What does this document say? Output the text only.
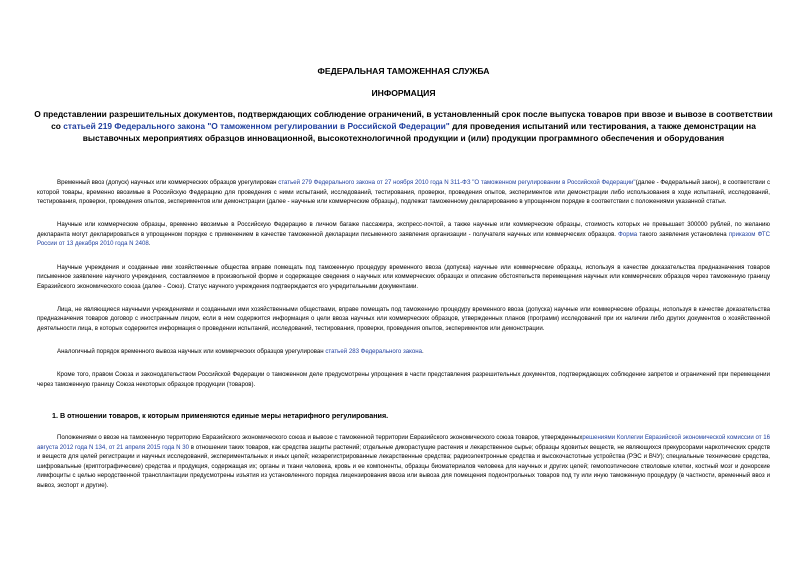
ФЕДЕРАЛЬНАЯ ТАМОЖЕННАЯ СЛУЖБА
ИНФОРМАЦИЯ
О представлении разрешительных документов, подтверждающих соблюдение ограничений, в установленный срок после выпуска товаров при ввозе и вывозе в соответствии со статьей 219 Федерального закона "О таможенном регулировании в Российской Федерации" для проведения испытаний или тестирования, а также демонстрации на выставочных мероприятиях образцов инновационной, высокотехнологичной продукции и (или) продукции программного обеспечения и оборудования

Временный ввоз (допуск) научных или коммерческих образцов урегулирован статьей 279 Федерального закона от 27 ноября 2010 года N 311-ФЗ "О таможенном регулировании в Российской Федерации"(далее - Федеральный закон), в соответствии с которой товары, временно ввозимые в Российскую Федерацию для проведения с ними испытаний, исследований, тестирования, проверки, проведения опытов, экспериментов или демонстрации либо использования в ходе испытаний, исследований, тестирования, проверки, проведения опытов, экспериментов или демонстрации (далее - научные или коммерческие образцы), подлежат таможенному декларированию в упрощенном порядке в соответствии с положениями указанной статьи.

Научные или коммерческие образцы, временно ввозимые в Российскую Федерацию в личном багаже пассажира, экспресс-почтой, а также научные или коммерческие образцы, стоимость которых не превышает 300000 рублей, по желанию декларанта могут декларироваться в упрощенном порядке с применением в качестве таможенной декларации письменного заявления организации - получателя научных или коммерческих образцов. Форма такого заявления установлена приказом ФТС России от 13 декабря 2010 года N 2408.

Научные учреждения и созданные ими хозяйственные общества вправе помещать под таможенную процедуру временного ввоза (допуска) научные или коммерческие образцы, используя в качестве доказательства предназначения товаров письменное заявление научного учреждения, составляемое в произвольной форме и содержащее сведения о научных или коммерческих образцах и описание обстоятельств перемещения научных или коммерческих образцов через таможенную границу Евразийского экономического союза (далее - Союз). Статус научного учреждения подтверждается его учредительными документами.

Лица, не являющиеся научными учреждениями и созданными ими хозяйственными обществами, вправе помещать под таможенную процедуру временного ввоза (допуска) научные или коммерческие образцы, используя в качестве доказательства предназначения товаров договор с иностранным лицом, если в нем содержится информация о цели ввоза научных или коммерческих образцов, утвержденных планов (программ) исследований при их наличии либо других документов о хозяйственной деятельности лица, в которых содержится информация о проведении испытаний, исследований, тестирования, проверки, проведения опытов, экспериментов или демонстрации.

Аналогичный порядок временного вывоза научных или коммерческих образцов урегулирован статьей 283 Федерального закона.

Кроме того, правом Союза и законодательством Российской Федерации о таможенном деле предусмотрены упрощения в части представления разрешительных документов, подтверждающих соблюдение запретов и ограничений при перемещении через таможенную границу Союза некоторых образцов продукции (товаров).

1. В отношении товаров, к которым применяются единые меры нетарифного регулирования.

Положениями о ввозе на таможенную территорию Евразийского экономического союза и вывозе с таможенной территории Евразийского экономического союза товаров, утвержденныхрешениями Коллегии Евразийской экономической комиссии от 16 августа 2012 года N 134, от 21 апреля 2015 года N 30 в отношении таких товаров, как средства защиты растений; отдельные дикорастущие растения и лекарственное сырье; образцы ядовитых веществ, не являющихся прекурсорами наркотических средств и веществ для целей регистрации и научных исследований, экспериментальных и иных целей; незарегистрированные лекарственные средства; радиоэлектронные средства и высокочастотные устройства (РЭС и ВЧУ); специальные технические средства, шифровальные (криптографические) средства и продукция, содержащая их; органы и ткани человека, кровь и ее компоненты, образцы биоматериалов человека для научных и других целей; гемопоэтические стволовые клетки, костный мозг и донорские лимфоциты с целью неродственной трансплантации предусмотрены изъятия из установленного порядка лицензирования ввоза или вывоза для помещения подконтрольных товаров под ту или иную таможенную процедуру (в частности, временный ввоз и вывоз, экспорт и другие).
